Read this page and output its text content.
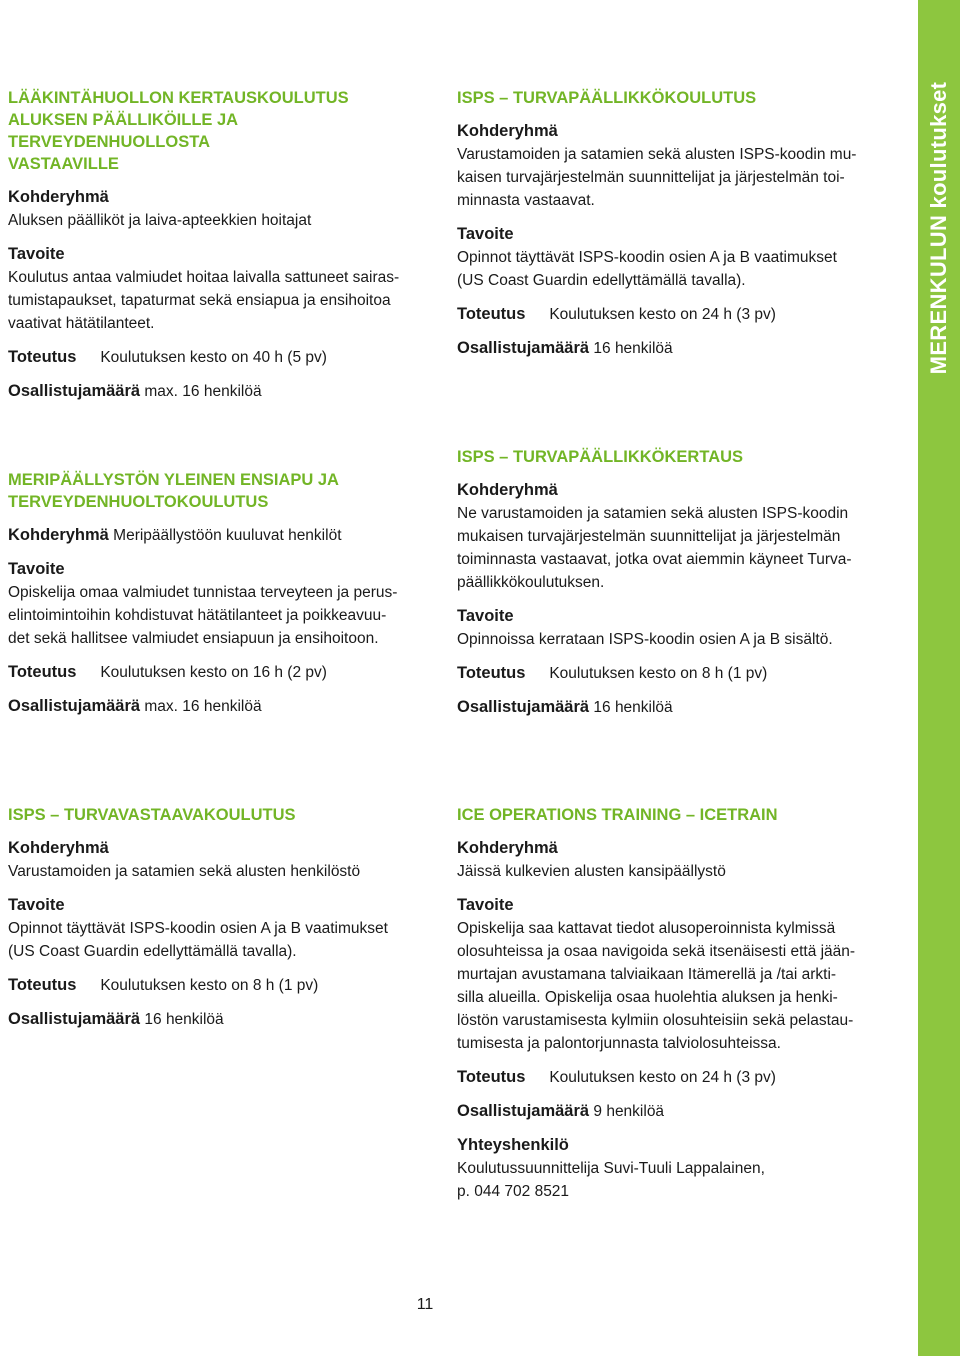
MERENKULUN koulutukset
LÄÄKINTÄHUOLLON KERTAUSKOULUTUS
ALUKSEN PÄÄLLIKÖILLE JA TERVEYDENHUOLLOSTA
VASTAAVILLE
Kohderyhmä
Aluksen päälliköt ja laiva-apteekkien hoitajat
Tavoite
Koulutus antaa valmiudet hoitaa laivalla sattuneet sairas-
tumistapaukset, tapaturmat sekä ensiapua ja ensihoitoa
vaativat hätätilanteet.
Toteutus Koulutuksen kesto on 40 h (5 pv)
Osallistujamäärä max. 16 henkilöä
ISPS – TURVAPÄÄLLIKKÖKOULUTUS
Kohderyhmä
Varustamoiden ja satamien sekä alusten ISPS-koodin mu-
kaisen turvajärjestelmän suunnittelijat ja järjestelmän toi-
minnasta vastaavat.
Tavoite
Opinnot täyttävät ISPS-koodin osien A ja B vaatimukset
(US Coast Guardin edellyttämällä tavalla).
Toteutus Koulutuksen kesto on 24 h (3 pv)
Osallistujamäärä 16 henkilöä
MERIPÄÄLLYSTÖN YLEINEN ENSIAPU JA
TERVEYDENHUOLTOKOULUTUS
Kohderyhmä Meripäällystöön kuuluvat henkilöt
Tavoite
Opiskelija omaa valmiudet tunnistaa terveyteen ja perus-
elintoimintoihin kohdistuvat hätätilanteet ja poikkeavuu-
det sekä hallitsee valmiudet ensiapuun ja ensihoitoon.
Toteutus Koulutuksen kesto on 16 h (2 pv)
Osallistujamäärä max. 16 henkilöä
ISPS – TURVAPÄÄLLIKKÖKERTAUS
Kohderyhmä
Ne varustamoiden ja satamien sekä alusten ISPS-koodin
mukaisen turvajärjestelmän suunnittelijat ja järjestelmän
toiminnasta vastaavat, jotka ovat aiemmin käyneet Turva-
päällikkökoulutuksen.
Tavoite
Opinnoissa kerrataan ISPS-koodin osien A ja B sisältö.
Toteutus Koulutuksen kesto on 8 h (1 pv)
Osallistujamäärä 16 henkilöä
ISPS – TURVAVASTAAVAKOULUTUS
Kohderyhmä
Varustamoiden ja satamien sekä alusten henkilöstö
Tavoite
Opinnot täyttävät ISPS-koodin osien A ja B vaatimukset
(US Coast Guardin edellyttämällä tavalla).
Toteutus Koulutuksen kesto on 8 h (1 pv)
Osallistujamäärä 16 henkilöä
ICE OPERATIONS TRAINING – ICETRAIN
Kohderyhmä
Jäissä kulkevien alusten kansipäällystö
Tavoite
Opiskelija saa kattavat tiedot alusoperoinnista kylmissä
olosuhteissa ja osaa navigoida sekä itsenäisesti että jään-
murtajan avustamana talviaikaan Itämerellä ja /tai arkti-
silla alueilla. Opiskelija osaa huolehtia aluksen ja henki-
löstön varustamisesta kylmiin olosuhteisiin sekä pelastau-
tumisesta ja palontorjunnasta talviolosuhteissa.
Toteutus Koulutuksen kesto on 24 h (3 pv)
Osallistujamäärä 9 henkilöä
Yhteyshenkilö
Koulutussuunnittelija Suvi-Tuuli Lappalainen,
p. 044 702 8521
11
